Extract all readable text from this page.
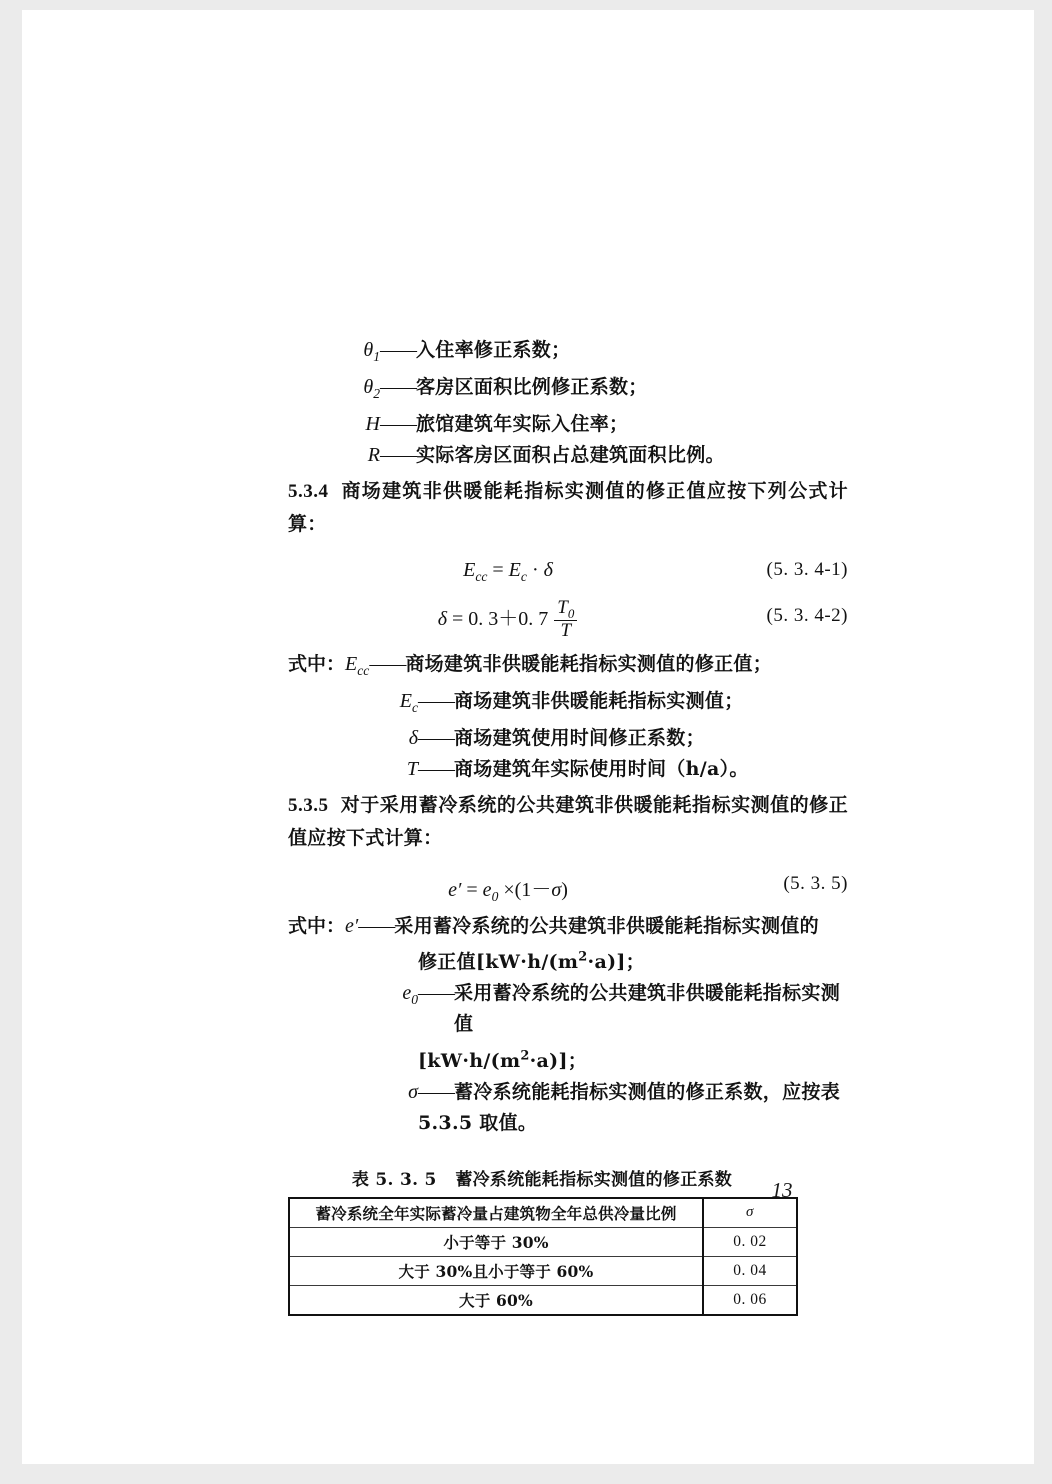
$\theta_1$ —— 入住率修正系数；
$\theta_2$ —— 客房区面积比例修正系数；
H —— 旅馆建筑年实际入住率；
R —— 实际客房区面积占总建筑面积比例。

5.3.4 商场建筑非供暖能耗指标实测值的修正值应按下列公式计算：

$E_{cc} = E_c \cdot \delta$	(5. 3. 4-1)
δ = 0. 3＋0. $7 \frac{T_0}{T}$	(5. 3. 4-2)
式中： $E_{cc}$ —— 商场建筑非供暖能耗指标实测值的修正值；
$E_c$ —— 商场建筑非供暖能耗指标实测值；
δ —— 商场建筑使用时间修正系数；
T —— 商场建筑年实际使用时间（h/a）。

5.3.5 对于采用蓄冷系统的公共建筑非供暖能耗指标实测值的修正值应按下式计算：

$e' = e_0 \times(1-\sigma)$	(5. 3. 5)
式中： e′ —— 采用蓄冷系统的公共建筑非供暖能耗指标实测值的
修正值$[kW\cdot h/(m^2\cdot a)]$；
$e_0$ —— 采用蓄冷系统的公共建筑非供暖能耗指标实测值
$[kW\cdot h/(m^2\cdot a)]$；
σ —— 蓄冷系统能耗指标实测值的修正系数，应按表
5.3.5 取值。
表 5. 3. 5 蓄冷系统能耗指标实测值的修正系数
蓄冷系统全年实际蓄冷量占建筑物全年总供冷量比例	σ
小于等于 30%	0. 02
大于 30%且小于等于 60%	0. 04
大于 60%	0. 06
13
